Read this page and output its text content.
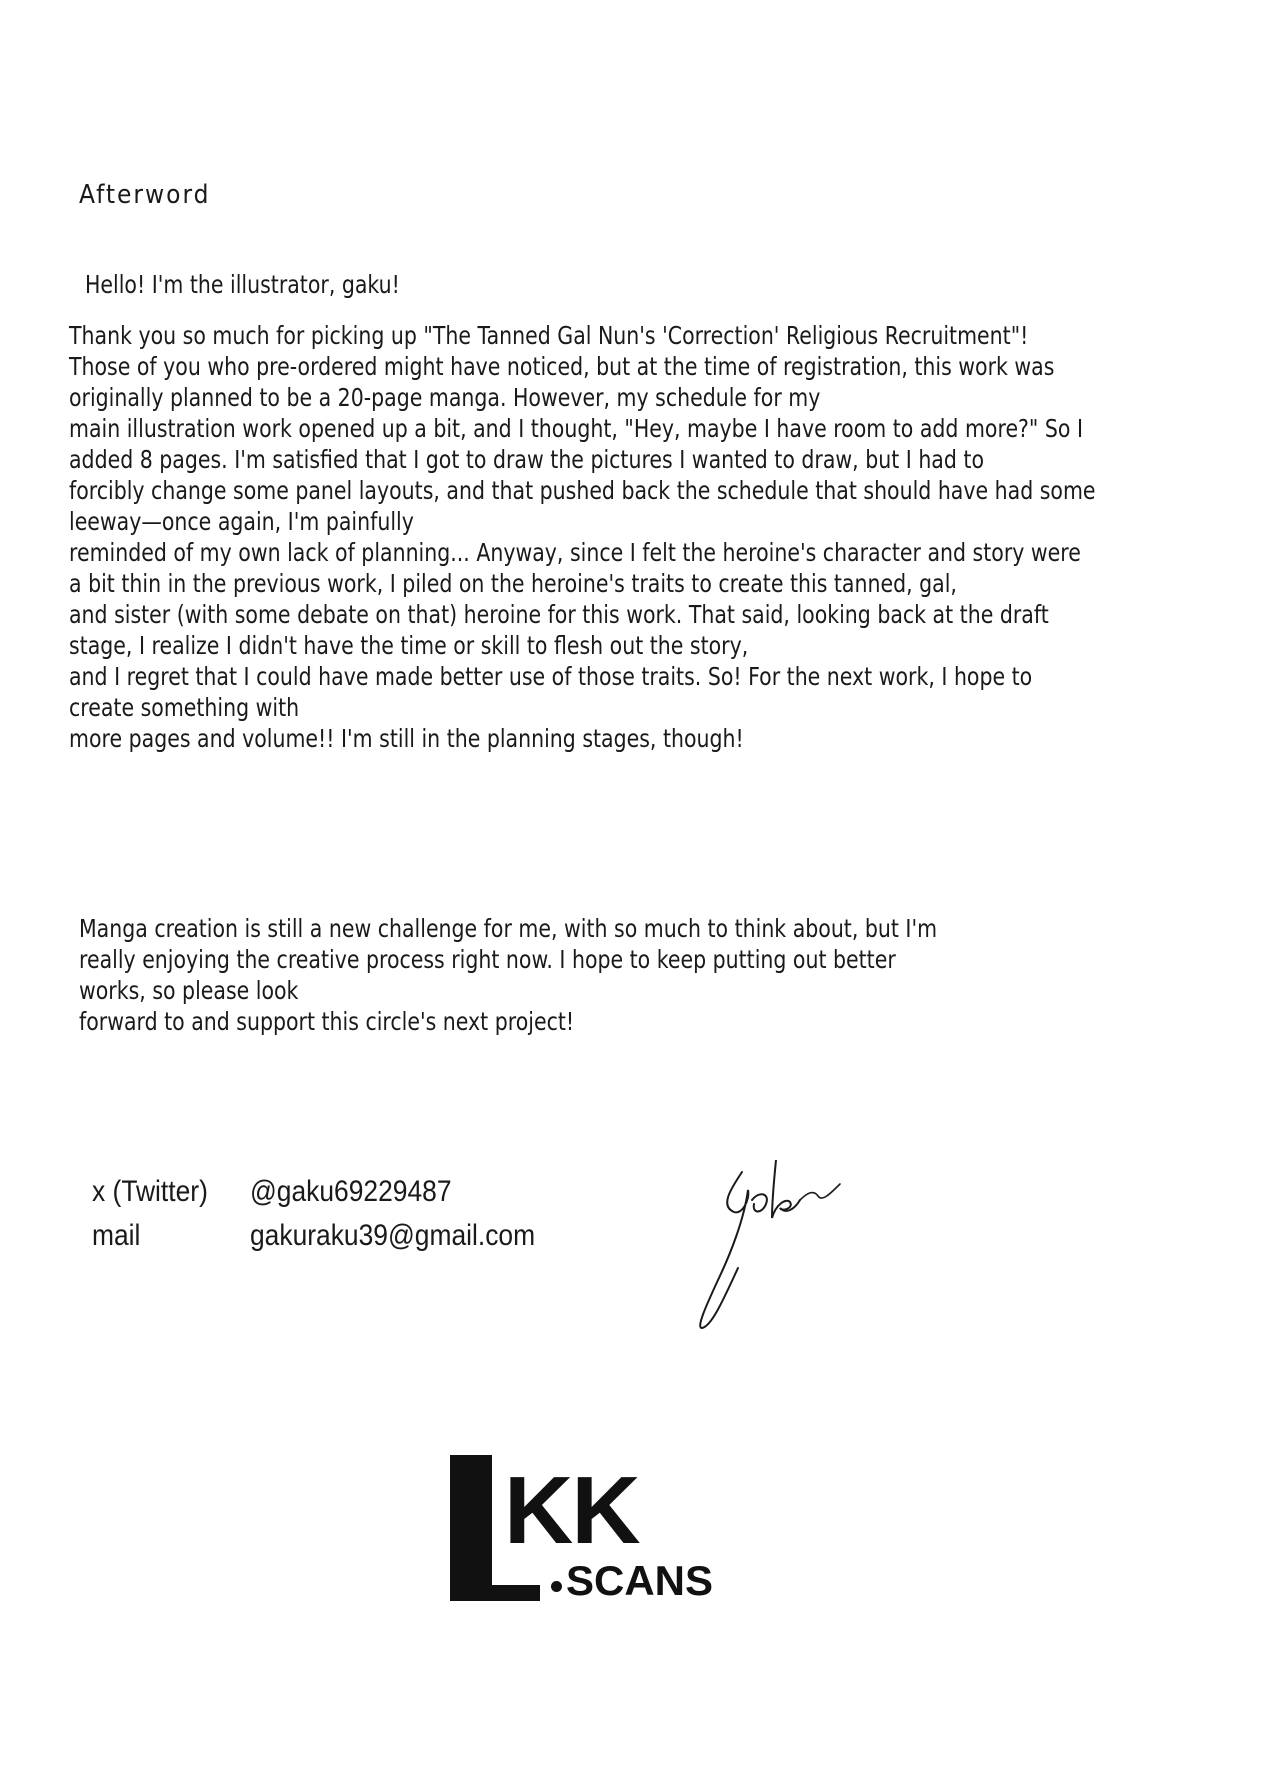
Afterword

Hello! I'm the illustrator, gaku!

Thank you so much for picking up "The Tanned Gal Nun's 'Correction' Religious Recruitment"!
Those of you who pre-ordered might have noticed, but at the time of registration, this work was
originally planned to be a 20-page manga. However, my schedule for my
main illustration work opened up a bit, and I thought, "Hey, maybe I have room to add more?" So I
added 8 pages. I'm satisfied that I got to draw the pictures I wanted to draw, but I had to
forcibly change some panel layouts, and that pushed back the schedule that should have had some
leeway—once again, I'm painfully
reminded of my own lack of planning... Anyway, since I felt the heroine's character and story were
a bit thin in the previous work, I piled on the heroine's traits to create this tanned, gal,
and sister (with some debate on that) heroine for this work. That said, looking back at the draft
stage, I realize I didn't have the time or skill to flesh out the story,
and I regret that I could have made better use of those traits. So! For the next work, I hope to
create something with
more pages and volume!! I'm still in the planning stages, though!
Manga creation is still a new challenge for me, with so much to think about, but I'm
really enjoying the creative process right now. I hope to keep putting out better
works, so please look
forward to and support this circle's next project!
x (Twitter)	@gaku69229487
mail	gakuraku39@gmail.com
KK
SCANS
